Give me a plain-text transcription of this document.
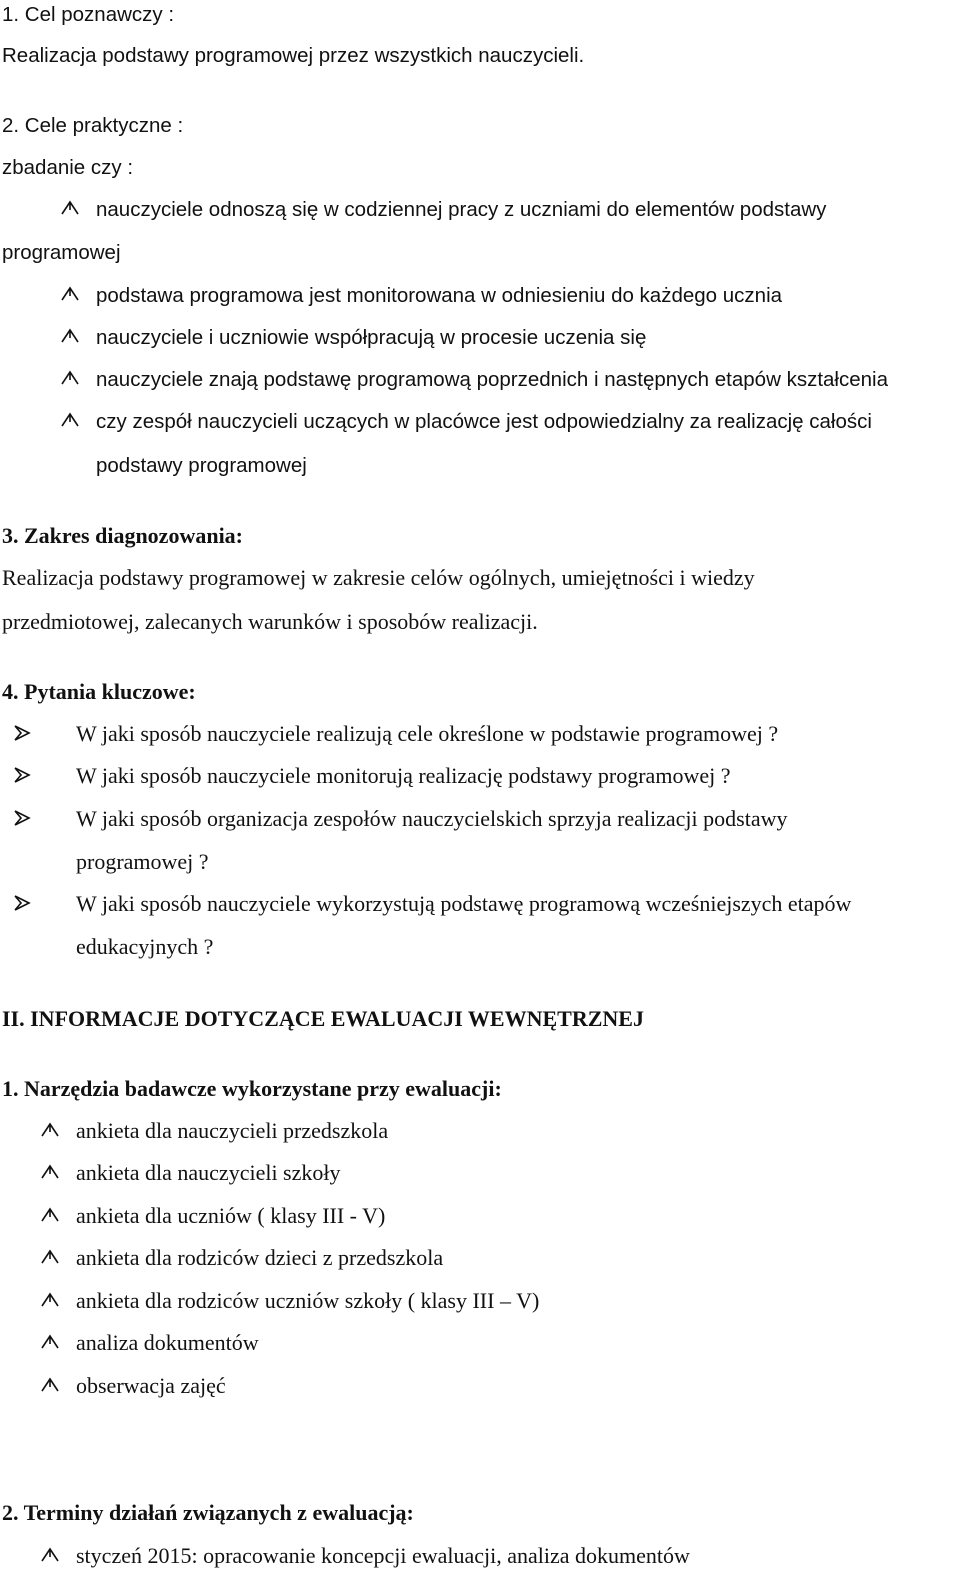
1. Cel poznawczy :
Realizacja podstawy programowej przez wszystkich nauczycieli.
2. Cele praktyczne :
zbadanie czy :
nauczyciele odnoszą się w codziennej pracy z uczniami do elementów podstawy
programowej
podstawa programowa jest monitorowana w odniesieniu do każdego ucznia
nauczyciele i uczniowie współpracują w procesie uczenia się
nauczyciele znają podstawę programową poprzednich i następnych etapów kształcenia
czy zespół nauczycieli uczących w placówce jest odpowiedzialny za realizację całości
podstawy programowej
3. Zakres diagnozowania:
Realizacja podstawy programowej w zakresie celów ogólnych, umiejętności i wiedzy
przedmiotowej, zalecanych warunków i sposobów realizacji.
4. Pytania kluczowe:
W jaki sposób nauczyciele realizują cele określone w podstawie programowej ?
W jaki sposób nauczyciele monitorują realizację podstawy programowej ?
W jaki sposób organizacja zespołów nauczycielskich sprzyja realizacji podstawy
programowej ?
W jaki sposób nauczyciele wykorzystują podstawę programową wcześniejszych etapów
edukacyjnych ?
II. INFORMACJE DOTYCZĄCE EWALUACJI WEWNĘTRZNEJ
1. Narzędzia badawcze wykorzystane przy ewaluacji:
ankieta dla nauczycieli przedszkola
ankieta dla nauczycieli szkoły
ankieta dla uczniów ( klasy III - V)
ankieta dla rodziców dzieci z przedszkola
ankieta dla rodziców uczniów szkoły ( klasy III – V)
analiza dokumentów
obserwacja zajęć
2. Terminy działań związanych z ewaluacją:
styczeń 2015: opracowanie koncepcji ewaluacji, analiza dokumentów
